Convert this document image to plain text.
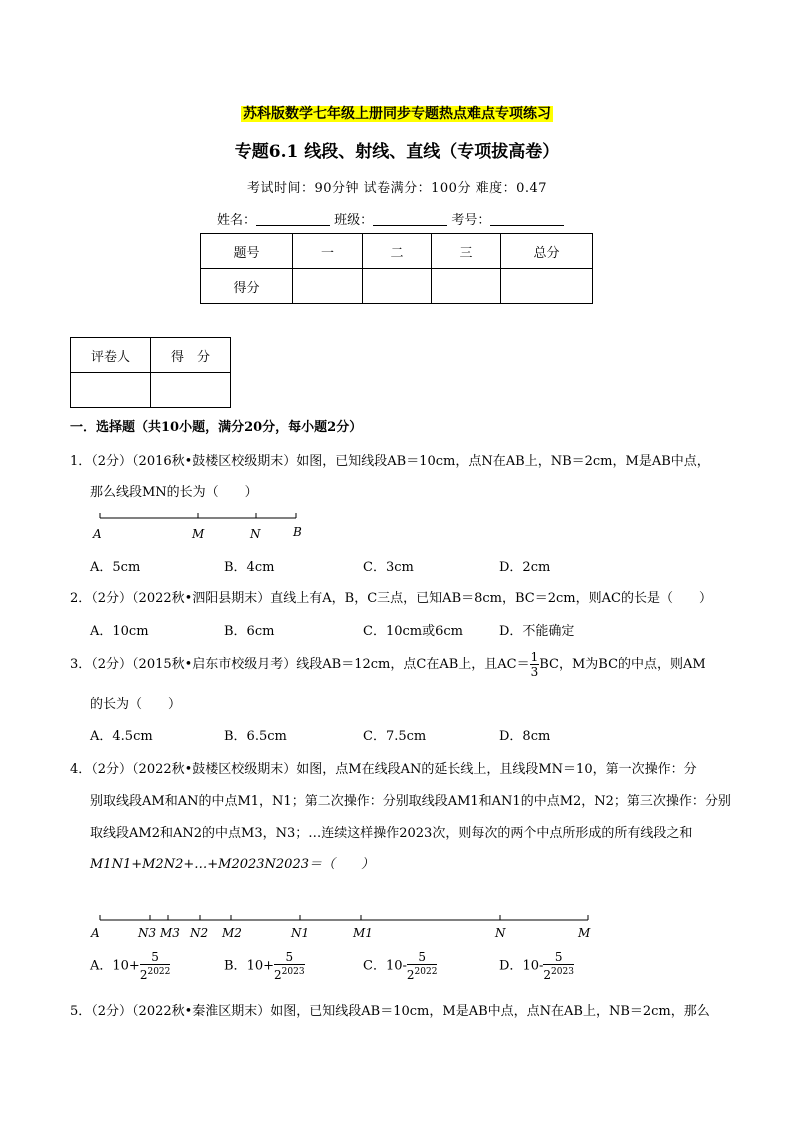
苏科版数学七年级上册同步专题热点难点专项练习
专题6.1 线段、射线、直线（专项拔高卷）
考试时间：90分钟 试卷满分：100分 难度：0.47
姓名：	班级：	考号：
题号	一	二	三	总分
得分				
评卷人	得　分

一．选择题（共10小题，满分20分，每小题2分）
1．（2分）（2016秋•鼓楼区校级期末）如图，已知线段AB＝10cm，点N在AB上，NB＝2cm，M是AB中点，
那么线段MN的长为（　　）
A	M	N	B
A．5cm	B．4cm	C．3cm	D．2cm
2．（2分）（2022秋•泗阳县期末）直线上有A，B，C三点，已知AB＝8cm，BC＝2cm，则AC的长是（　　）
A．10cm	B．6cm	C．10cm或6cm	D．不能确定
3．（2分）（2015秋•启东市校级月考）线段AB＝12cm，点C在AB上，且$AC= \frac{1}{3}$ BC，M为BC的中点，则AM
的长为（　　）
A．4.5cm	B．6.5cm	C．7.5cm	D．8cm
4．（2分）（2022秋•鼓楼区校级期末）如图，点M在线段AN的延长线上，且线段MN＝10，第一次操作：分
别取线段AM和AN的中点M1，N1；第二次操作：分别取线段AM1和AN1的中点M2，N2；第三次操作：分别
取线段AM2和AN2的中点M3，N3；…连续这样操作2023次，则每次的两个中点所形成的所有线段之和
M1N1+M2N2+…+M2023N2023＝（　　）
A	N3 M3 N2 M2	N1	M1	N	M
A．$10+ \frac{5}{2^{2022}}$	B．$10+ \frac{5}{2^{2023}}$	C．$10- \frac{5}{2^{2022}}$	D．$10- \frac{5}{2^{2023}}$
5．（2分）（2022秋•秦淮区期末）如图，已知线段AB＝10cm，M是AB中点，点N在AB上，NB＝2cm，那么
